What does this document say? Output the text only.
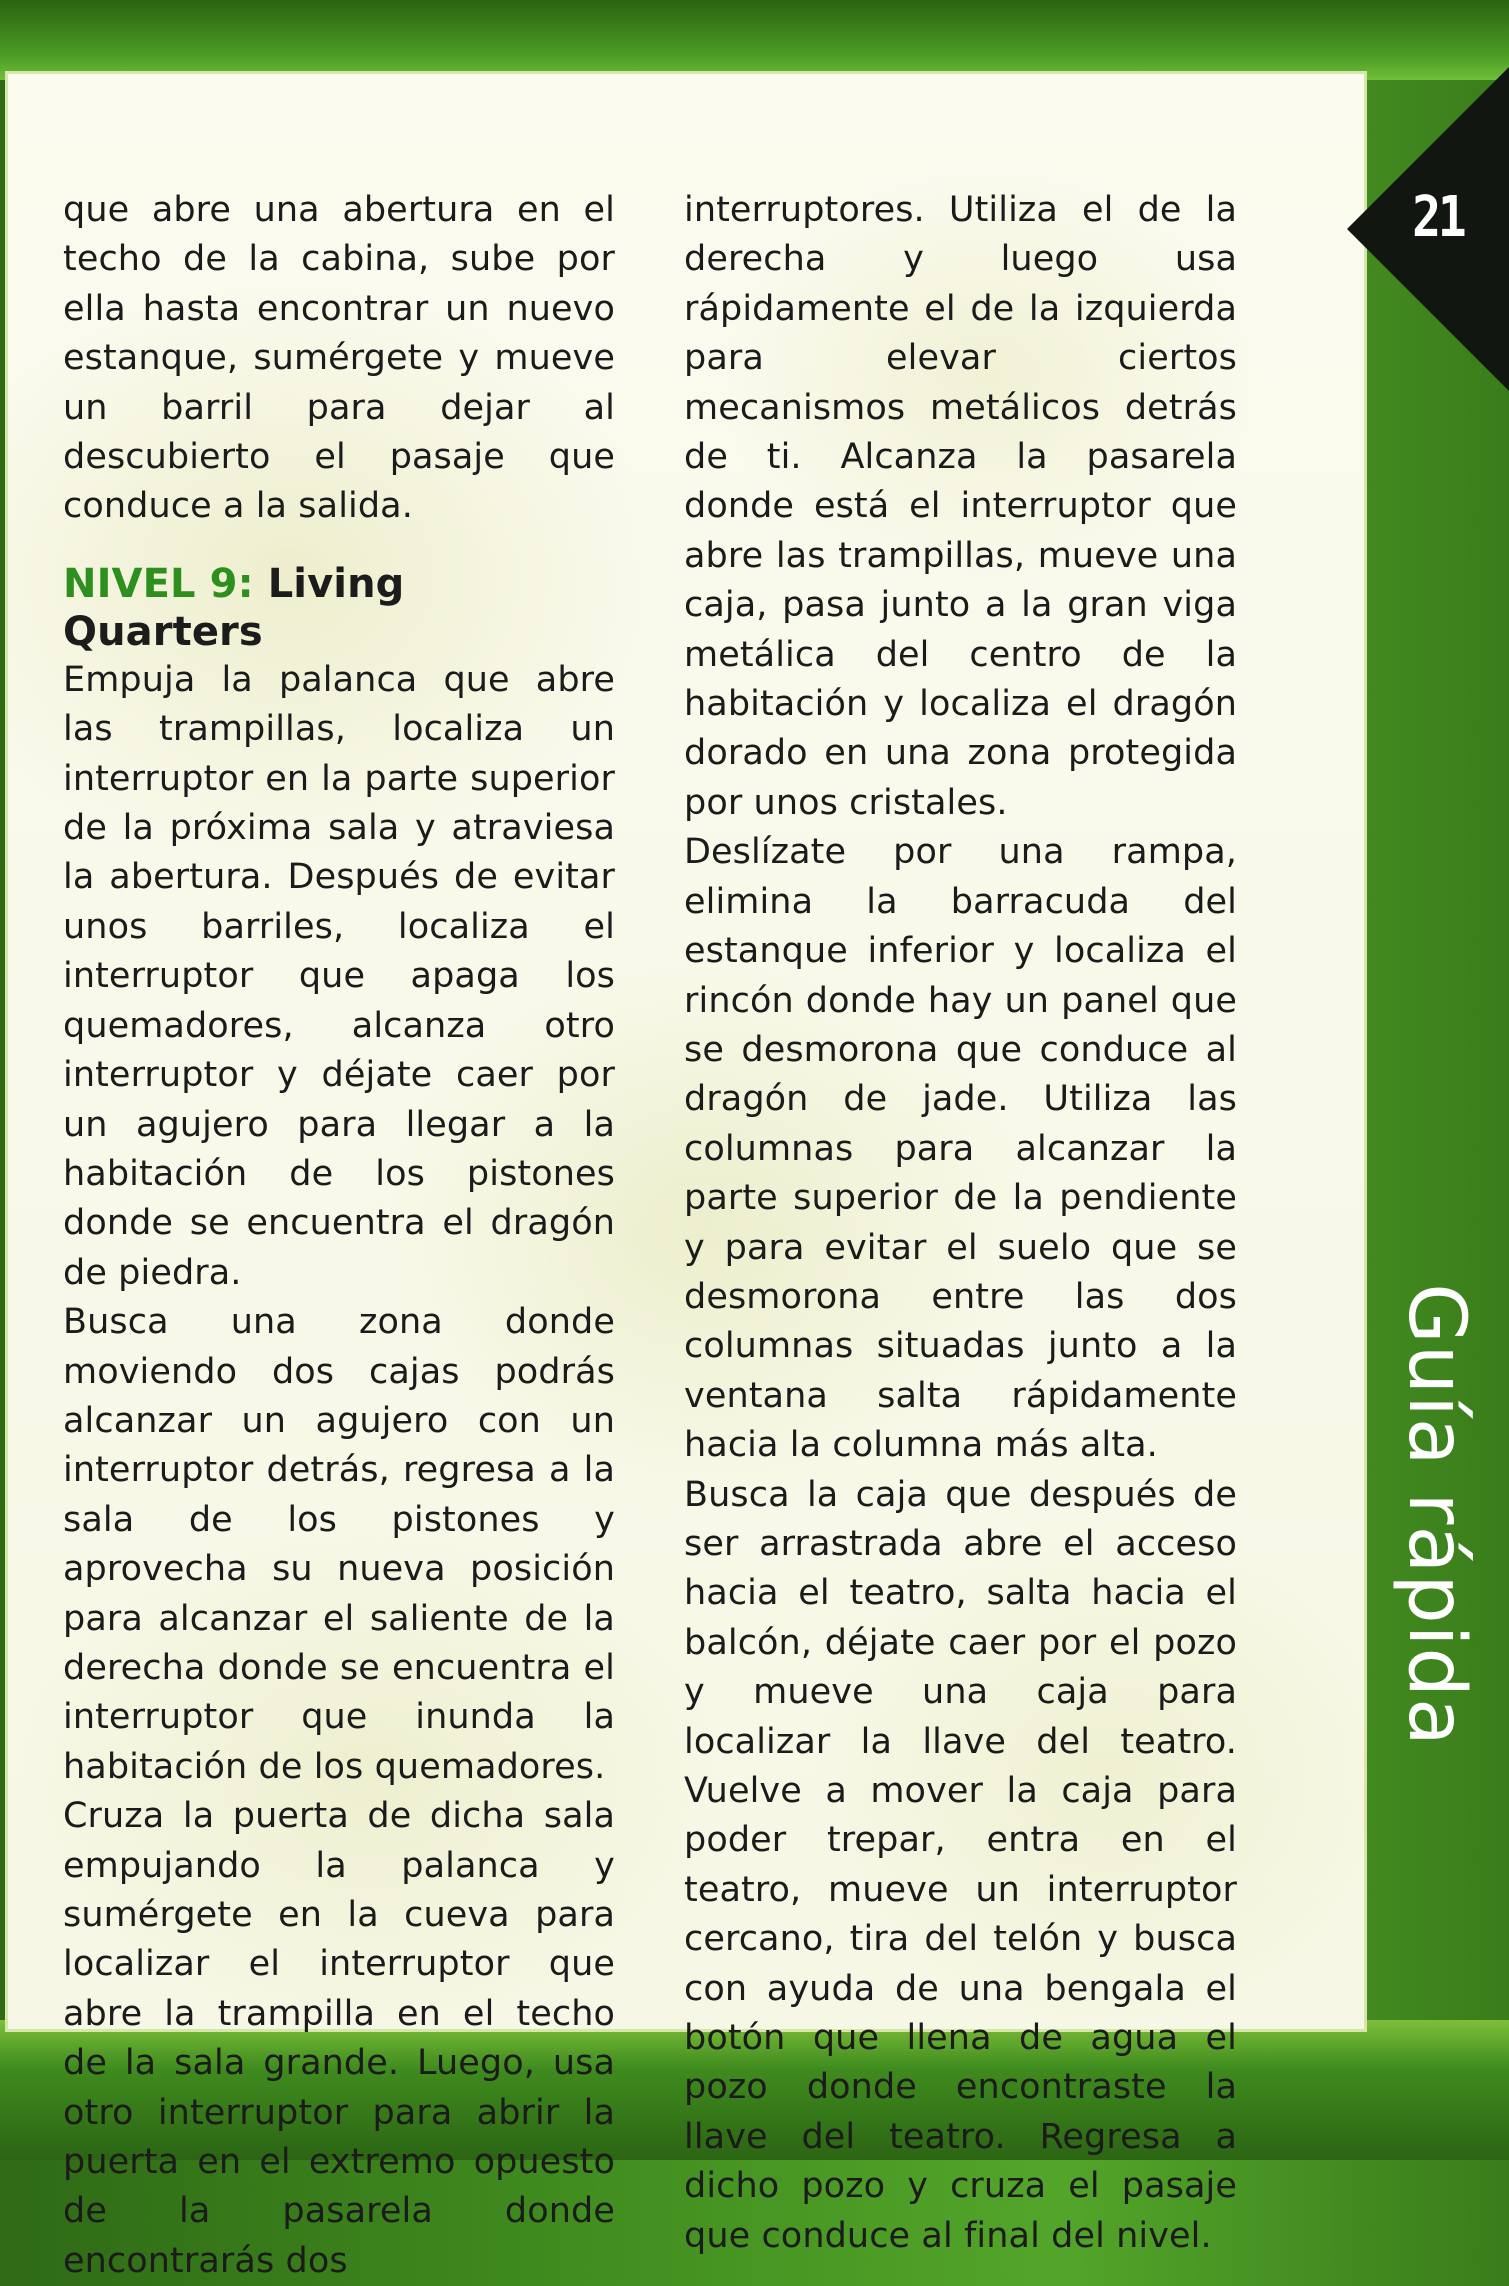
que abre una abertura en el techo de la cabina, sube por ella hasta encontrar un nuevo estanque, sumérgete y mueve un barril para dejar al descubierto el pasaje que conduce a la salida.

NIVEL 9: Living Quarters

Empuja la palanca que abre las trampillas, localiza un interruptor en la parte superior de la próxima sala y atraviesa la abertura. Después de evitar unos barriles, localiza el interruptor que apaga los quemadores, alcanza otro interruptor y déjate caer por un agujero para llegar a la habitación de los pistones donde se encuentra el dragón de piedra.

Busca una zona donde moviendo dos cajas podrás alcanzar un agujero con un interruptor detrás, regresa a la sala de los pistones y aprovecha su nueva posición para alcanzar el saliente de la derecha donde se encuentra el interruptor que inunda la habitación de los quemadores.

Cruza la puerta de dicha sala empujando la palanca y sumérgete en la cueva para localizar el interruptor que abre la trampilla en el techo de la sala grande. Luego, usa otro interruptor para abrir la puerta en el extremo opuesto de la pasarela donde encontrarás dos

interruptores. Utiliza el de la derecha y luego usa rápidamente el de la izquierda para elevar ciertos mecanismos metálicos detrás de ti. Alcanza la pasarela donde está el interruptor que abre las trampillas, mueve una caja, pasa junto a la gran viga metálica del centro de la habitación y localiza el dragón dorado en una zona protegida por unos cristales.

Deslízate por una rampa, elimina la barracuda del estanque inferior y localiza el rincón donde hay un panel que se desmorona que conduce al dragón de jade. Utiliza las columnas para alcanzar la parte superior de la pendiente y para evitar el suelo que se desmorona entre las dos columnas situadas junto a la ventana salta rápidamente hacia la columna más alta.

Busca la caja que después de ser arrastrada abre el acceso hacia el teatro, salta hacia el balcón, déjate caer por el pozo y mueve una caja para localizar la llave del teatro. Vuelve a mover la caja para poder trepar, entra en el teatro, mueve un interruptor cercano, tira del telón y busca con ayuda de una bengala el botón que llena de agua el pozo donde encontraste la llave del teatro. Regresa a dicho pozo y cruza el pasaje que conduce al final del nivel.

21
Guía rápida
